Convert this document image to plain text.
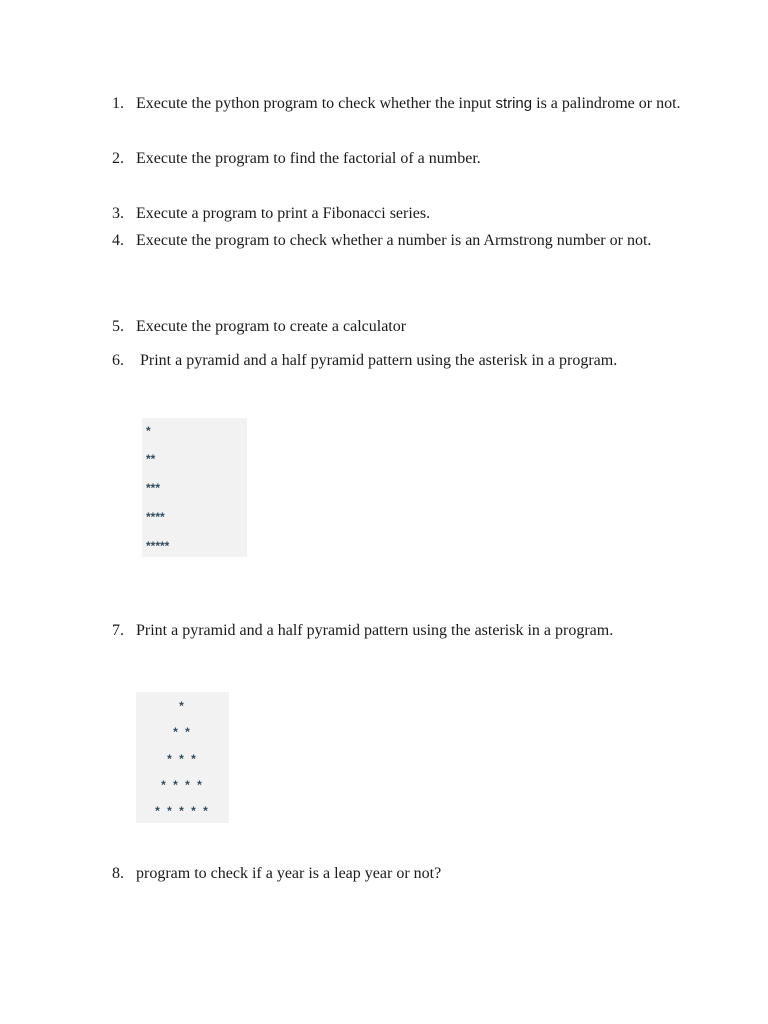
1. Execute the python program to check whether the input string is a palindrome or not.
2. Execute the program to find the factorial of a number.
3. Execute a program to print a Fibonacci series.
4. Execute the program to check whether a number is an Armstrong number or not.
5. Execute the program to create a calculator
6. Print a pyramid and a half pyramid pattern using the asterisk in a program.
*
**
***
****
*****
7. Print a pyramid and a half pyramid pattern using the asterisk in a program.
*
* *
* * *
* * * *
* * * * *
8. program to check if a year is a leap year or not?
